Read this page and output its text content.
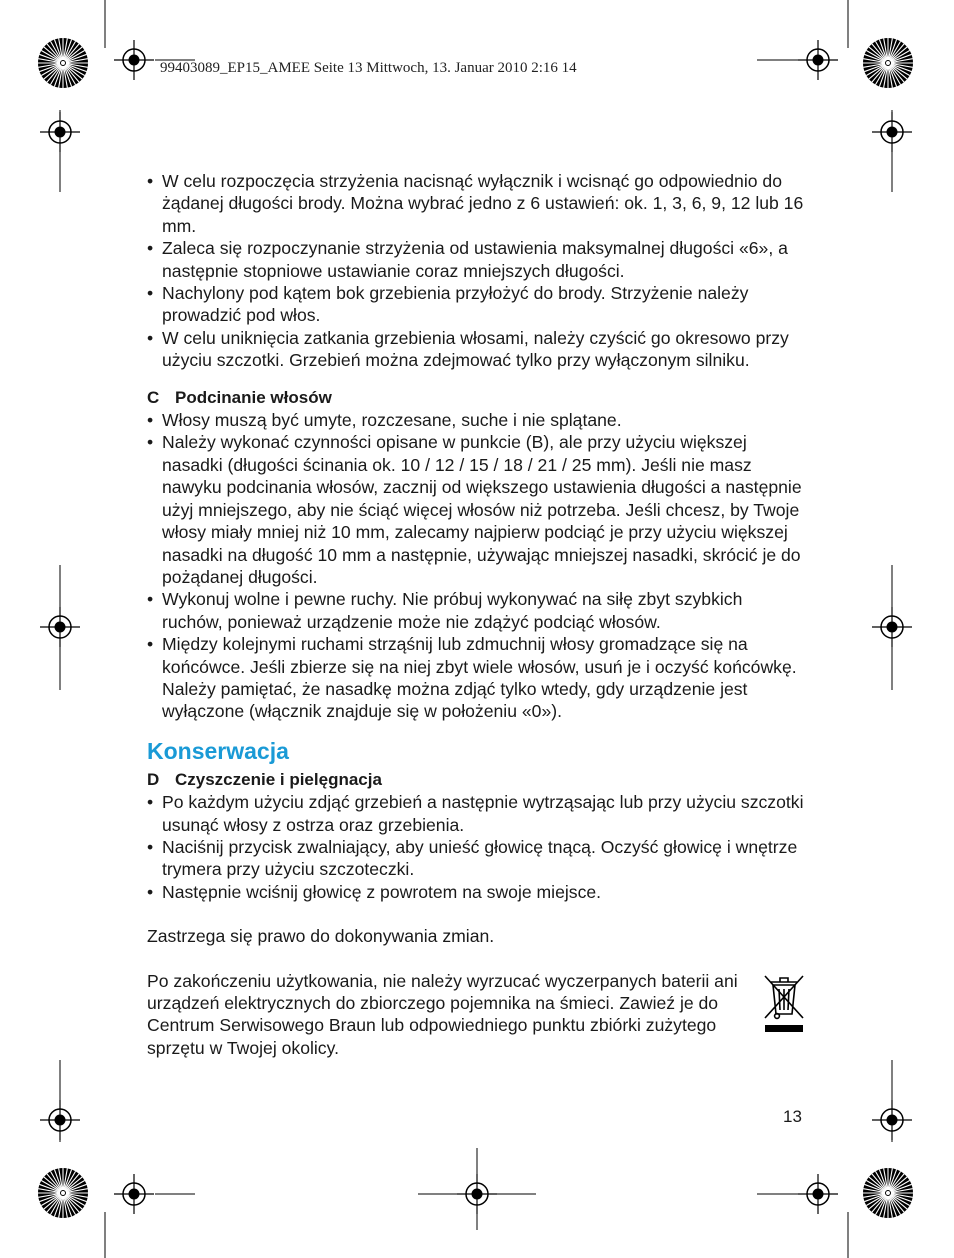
99403089_EP15_AMEE Seite 13 Mittwoch, 13. Januar 2010 2:16 14
• W celu rozpoczęcia strzyżenia nacisnąć wyłącznik i wcisnąć go odpowiednio do żądanej długości brody. Można wybrać jedno z 6 ustawień: ok. 1, 3, 6, 9, 12 lub 16 mm.
• Zaleca się rozpoczynanie strzyżenia od ustawienia maksymalnej długości «6», a następnie stopniowe ustawianie coraz mniejszych długości.
• Nachylony pod kątem bok grzebienia przyłożyć do brody. Strzyżenie należy prowadzić pod włos.
• W celu uniknięcia zatkania grzebienia włosami, należy czyścić go okresowo przy użyciu szczotki. Grzebień można zdejmować tylko przy wyłączonym silniku.
C Podcinanie włosów
• Włosy muszą być umyte, rozczesane, suche i nie splątane.
• Należy wykonać czynności opisane w punkcie (B), ale przy użyciu większej nasadki (długości ścinania ok. 10 / 12 / 15 / 18 / 21 / 25 mm). Jeśli nie masz nawyku podcinania włosów, zacznij od większego ustawienia długości a następnie użyj mniejszego, aby nie ściąć więcej włosów niż potrzeba. Jeśli chcesz, by Twoje włosy miały mniej niż 10 mm, zalecamy najpierw podciąć je przy użyciu większej nasadki na długość 10 mm a następnie, używając mniejszej nasadki, skrócić je do pożądanej długości.
• Wykonuj wolne i pewne ruchy. Nie próbuj wykonywać na siłę zbyt szybkich ruchów, ponieważ urządzenie może nie zdążyć podciąć włosów.
• Między kolejnymi ruchami strząśnij lub zdmuchnij włosy gromadzące się na końcówce. Jeśli zbierze się na niej zbyt wiele włosów, usuń je i oczyść końcówkę. Należy pamiętać, że nasadkę można zdjąć tylko wtedy, gdy urządzenie jest wyłączone (włącznik znajduje się w położeniu «0»).
Konserwacja
D Czyszczenie i pielęgnacja
• Po każdym użyciu zdjąć grzebień a następnie wytrząsając lub przy użyciu szczotki usunąć włosy z ostrza oraz grzebienia.
• Naciśnij przycisk zwalniający, aby unieść głowicę tnącą. Oczyść głowicę i wnętrze trymera przy użyciu szczoteczki.
• Następnie wciśnij głowicę z powrotem na swoje miejsce.
Zastrzega się prawo do dokonywania zmian.
Po zakończeniu użytkowania, nie należy wyrzucać wyczerpanych baterii ani urządzeń elektrycznych do zbiorczego pojemnika na śmieci. Zawieź je do Centrum Serwisowego Braun lub odpowiedniego punktu zbiórki zużytego sprzętu w Twojej okolicy.
13
